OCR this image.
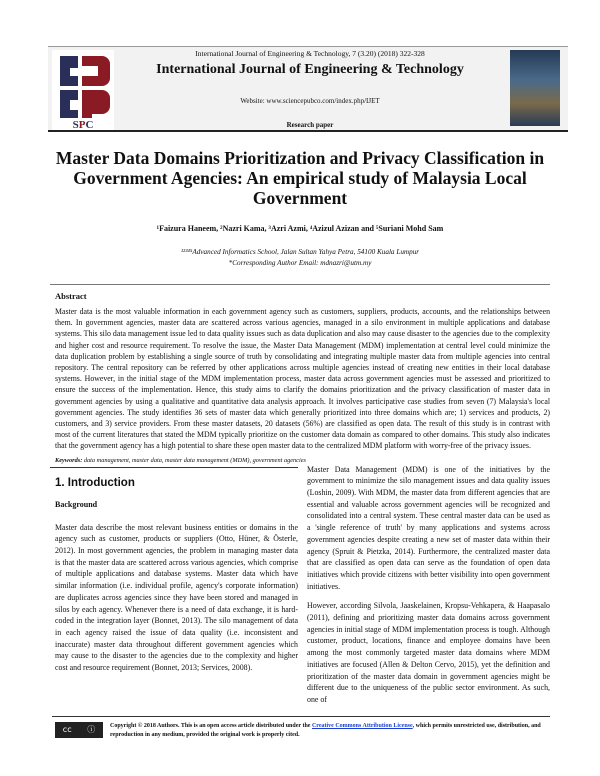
SPC
International Journal of Engineering & Technology, 7 (3.20) (2018) 322-328
International Journal of Engineering & Technology
Website: www.sciencepubco.com/index.php/IJET
Research paper
Master Data Domains Prioritization and Privacy Classification in Government Agencies: An empirical study of Malaysia Local Government
¹Faizura Haneem, ²Nazri Kama, ³Azri Azmi, ⁴Azizul Azizan and ⁵Suriani Mohd Sam
¹²³⁴⁵Advanced Informatics School, Jalan Sultan Yahya Petra, 54100 Kuala Lumpur
*Corresponding Author Email: mdnazri@utm.my
Abstract
Master data is the most valuable information in each government agency such as customers, suppliers, products, accounts, and the relationships between them. In government agencies, master data are scattered across various agencies, managed in a silo environment in multiple applications and database systems. This silo data management issue led to data quality issues such as data duplication and also may cause disaster to the agencies due to the complexity and higher cost and resource requirement. To resolve the issue, the Master Data Management (MDM) implementation at central level could minimize the data duplication problem by establishing a single source of truth by consolidating and integrating multiple master data from multiple agencies into central repository. The central repository can be referred by other applications across multiple agencies instead of creating new entities in their local database systems. However, in the initial stage of the MDM implementation process, master data across government agencies must be assessed and prioritized to ensure the success of the implementation. Hence, this study aims to clarify the domains prioritization and the privacy classification of master data in government agencies by using a qualitative and quantitative data analysis approach. It involves participative case studies from seven (7) Malaysia's local government agencies. The study identifies 36 sets of master data which generally prioritized into three domains which are; 1) services and products, 2) customers, and 3) service providers. From these master datasets, 20 datasets (56%) are classified as open data. The result of this study is in contrast with most of the current literatures that stated the MDM typically prioritize on the customer data domain as compared to other domains. This study also indicates that the government agency has a high potential to share these open master data to the centralized MDM platform with worry-free of the privacy issues.
Keywords: data management, master data, master data management (MDM), government agencies
1. Introduction
Background
Master data describe the most relevant business entities or domains in the agency such as customer, products or suppliers (Otto, Hüner, & Österle, 2012). In most government agencies, the problem in managing master data is that the master data are scattered across various agencies, which comprise of multiple applications and database systems. Master data which have similar information (i.e. individual profile, agency's corporate information) are duplicates across agencies since they have been stored and managed in silos by each agency. Whenever there is a need of data exchange, it is hard-coded in the integration layer (Bonnet, 2013). The silo management of data in each agency raised the issue of data quality (i.e. inconsistent and inaccurate) master data throughout different government agencies which may cause to the disaster to the agencies due to the complexity and higher cost and resource requirement (Bonnet, 2013; Services, 2008).
Master Data Management (MDM) is one of the initiatives by the government to minimize the silo management issues and data quality issues (Loshin, 2009). With MDM, the master data from different agencies that are essential and valuable across government agencies will be recognized and consolidated into a central system. These central master data can be used as a 'single reference of truth' by many applications and systems across government agencies despite creating a new set of master data within their agency (Spruit & Pietzka, 2014). Furthermore, the centralized master data that are classified as open data can serve as the foundation of open data initiatives which provide citizens with better visibility into open government initiatives.
However, according Silvola, Jaaskelainen, Kropsu-Vehkapera, & Haapasalo (2011), defining and prioritizing master data domains across government agencies in initial stage of MDM implementation process is tough. Although customer, product, locations, finance and employee domains have been among the most commonly targeted master data domains where MDM initiatives are focused (Allen & Delton Cervo, 2015), yet the definition and prioritization of the master data domain in government agencies might be different due to the uniqueness of the public sector environment. As such, one of
cc ⓘ Copyright © 2018 Authors. This is an open access article distributed under the Creative Commons Attribution License, which permits unrestricted use, distribution, and reproduction in any medium, provided the original work is properly cited.
